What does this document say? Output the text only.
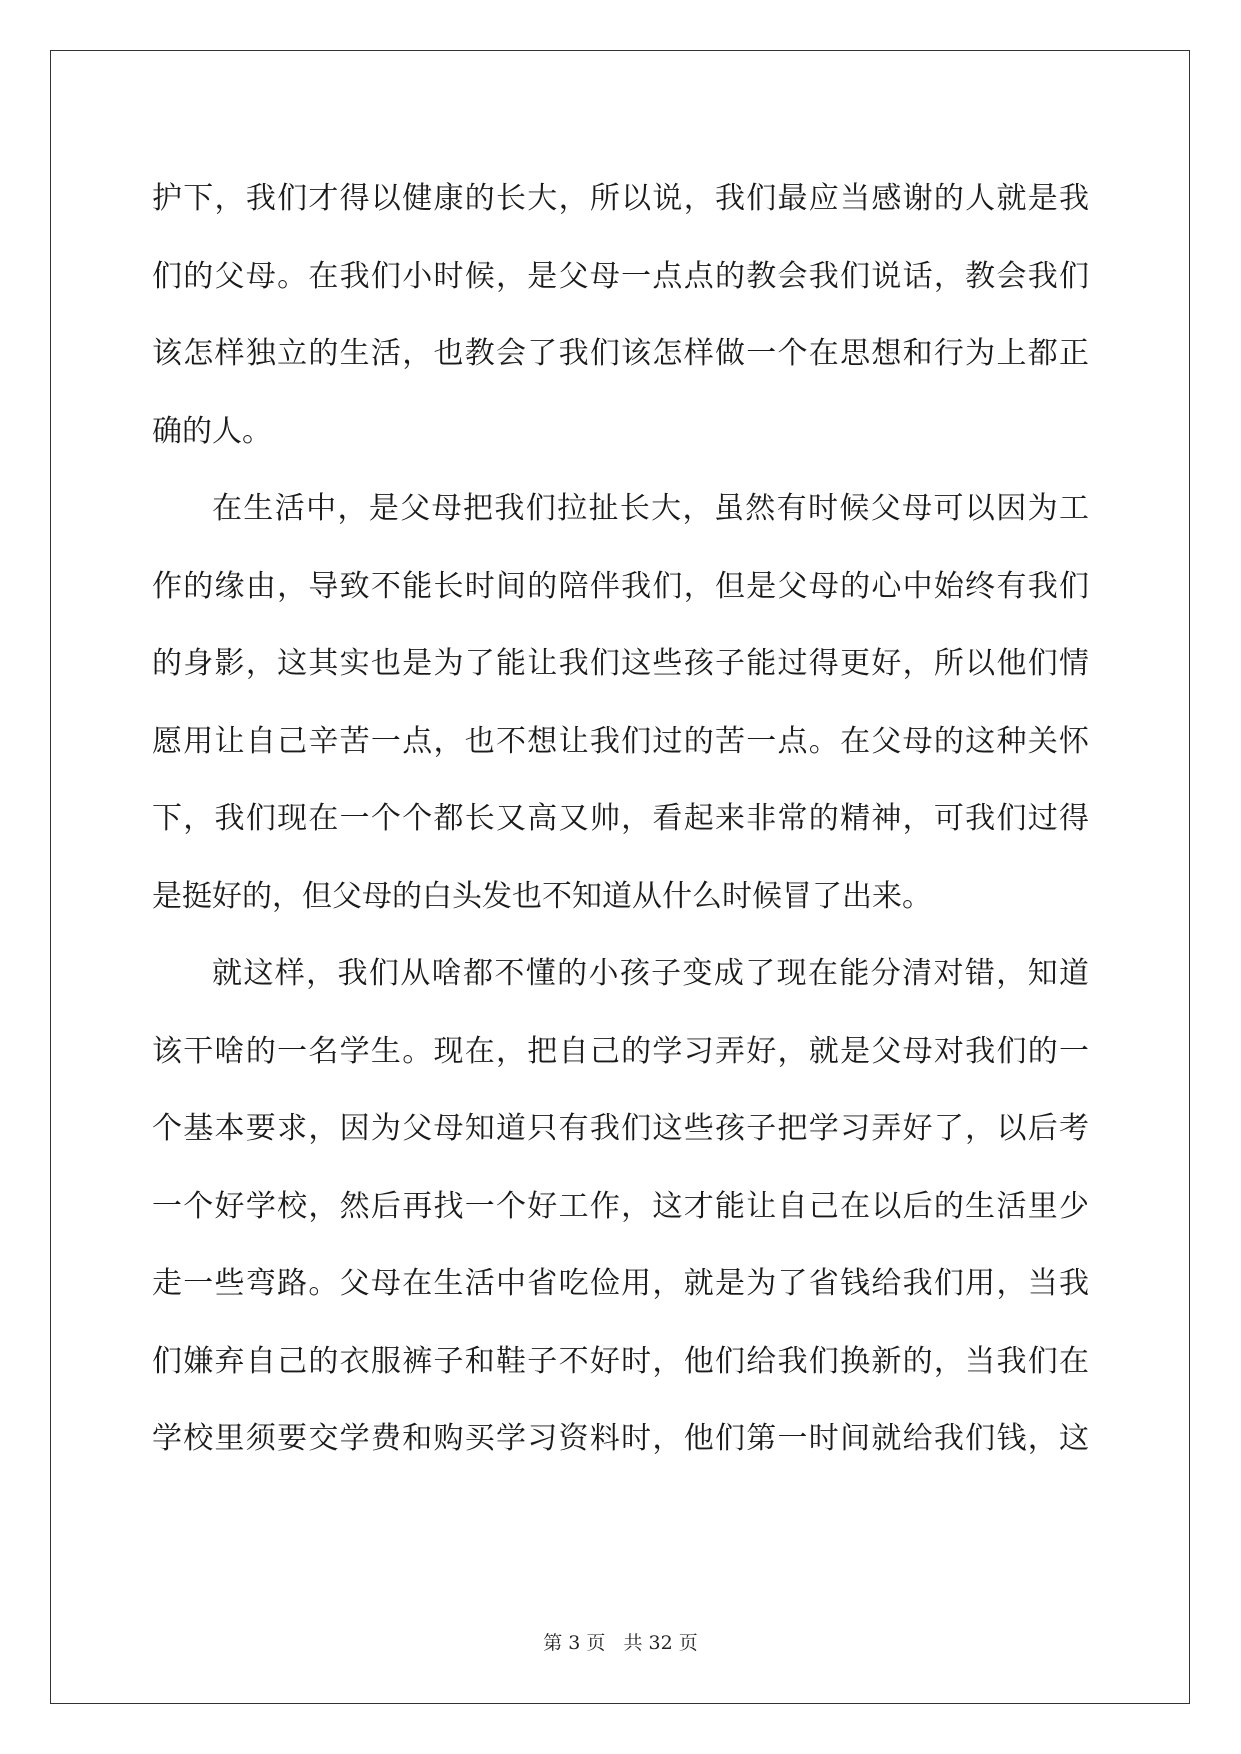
护下，我们才得以健康的长大，所以说，我们最应当感谢的人就是我
们的父母。在我们小时候，是父母一点点的教会我们说话，教会我们
该怎样独立的生活，也教会了我们该怎样做一个在思想和行为上都正
确的人。
在生活中，是父母把我们拉扯长大，虽然有时候父母可以因为工
作的缘由，导致不能长时间的陪伴我们，但是父母的心中始终有我们
的身影，这其实也是为了能让我们这些孩子能过得更好，所以他们情
愿用让自己辛苦一点，也不想让我们过的苦一点。在父母的这种关怀
下，我们现在一个个都长又高又帅，看起来非常的精神，可我们过得
是挺好的，但父母的白头发也不知道从什么时候冒了出来。
就这样，我们从啥都不懂的小孩子变成了现在能分清对错，知道
该干啥的一名学生。现在，把自己的学习弄好，就是父母对我们的一
个基本要求，因为父母知道只有我们这些孩子把学习弄好了，以后考
一个好学校，然后再找一个好工作，这才能让自己在以后的生活里少
走一些弯路。父母在生活中省吃俭用，就是为了省钱给我们用，当我
们嫌弃自己的衣服裤子和鞋子不好时，他们给我们换新的，当我们在
学校里须要交学费和购买学习资料时，他们第一时间就给我们钱，这
第 3 页 共 32 页
